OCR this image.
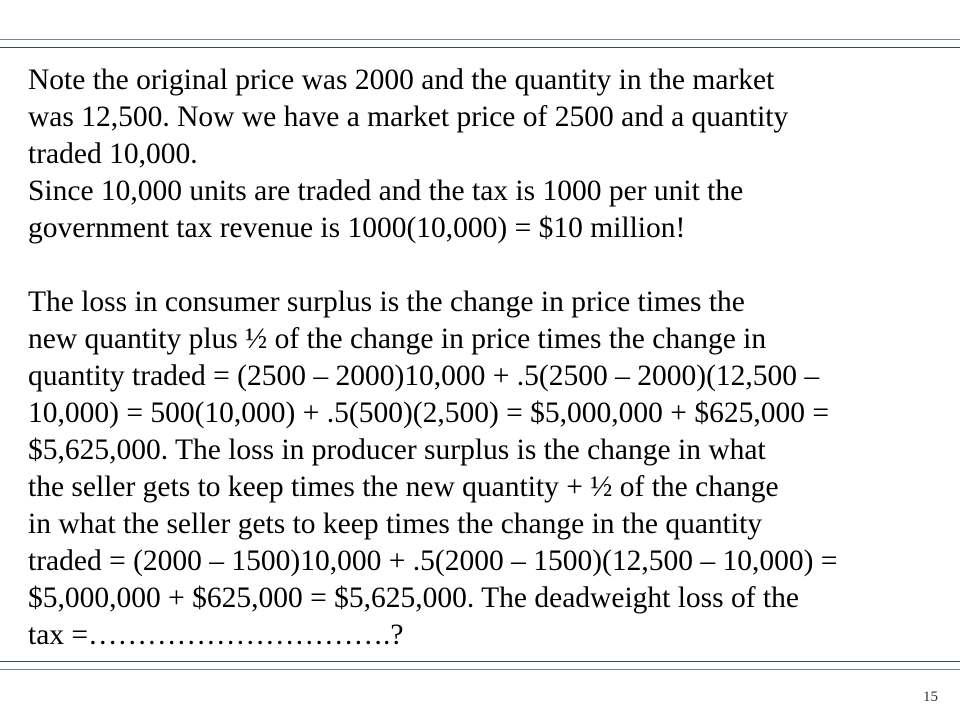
Note the original price was 2000 and the quantity in the market
was 12,500. Now we have a market price of 2500 and a quantity
traded 10,000.

Since 10,000 units are traded and the tax is 1000 per unit the
government tax revenue is 1000(10,000) = $10 million!

The loss in consumer surplus is the change in price times the
new quantity plus ½ of the change in price times the change in
quantity traded = (2500 – 2000)10,000 + .5(2500 – 2000)(12,500 –
10,000) = 500(10,000) + .5(500)(2,500) = $5,000,000 + $625,000 =
$5,625,000. The loss in producer surplus is the change in what
the seller gets to keep times the new quantity + ½ of the change
in what the seller gets to keep times the change in the quantity
traded = (2000 – 1500)10,000 + .5(2000 – 1500)(12,500 – 10,000) =
$5,000,000 + $625,000 = $5,625,000. The deadweight loss of the
tax =………………………….?

15
